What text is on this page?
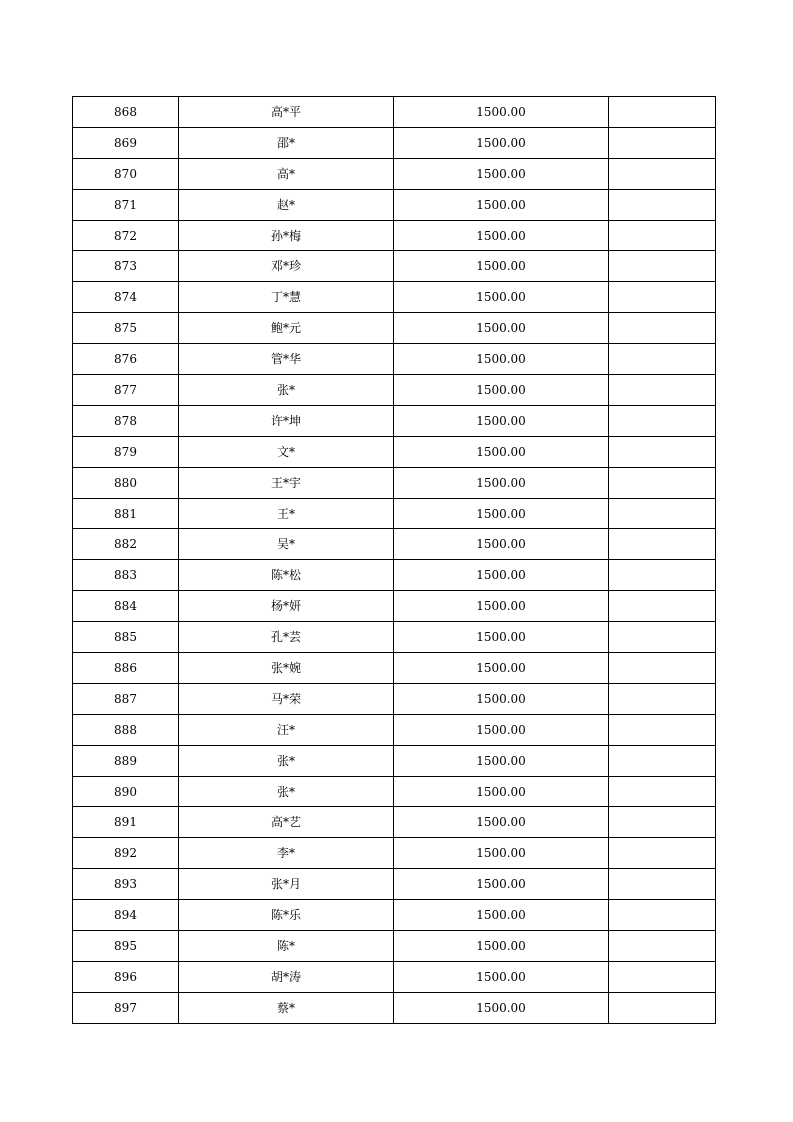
868	高*平	1500.00	
869	邵*	1500.00	
870	高*	1500.00	
871	赵*	1500.00	
872	孙*梅	1500.00	
873	邓*珍	1500.00	
874	丁*慧	1500.00	
875	鲍*元	1500.00	
876	管*华	1500.00	
877	张*	1500.00	
878	许*坤	1500.00	
879	文*	1500.00	
880	王*宇	1500.00	
881	王*	1500.00	
882	吴*	1500.00	
883	陈*松	1500.00	
884	杨*妍	1500.00	
885	孔*芸	1500.00	
886	张*婉	1500.00	
887	马*荣	1500.00	
888	汪*	1500.00	
889	张*	1500.00	
890	张*	1500.00	
891	高*艺	1500.00	
892	李*	1500.00	
893	张*月	1500.00	
894	陈*乐	1500.00	
895	陈*	1500.00	
896	胡*涛	1500.00	
897	蔡*	1500.00	
